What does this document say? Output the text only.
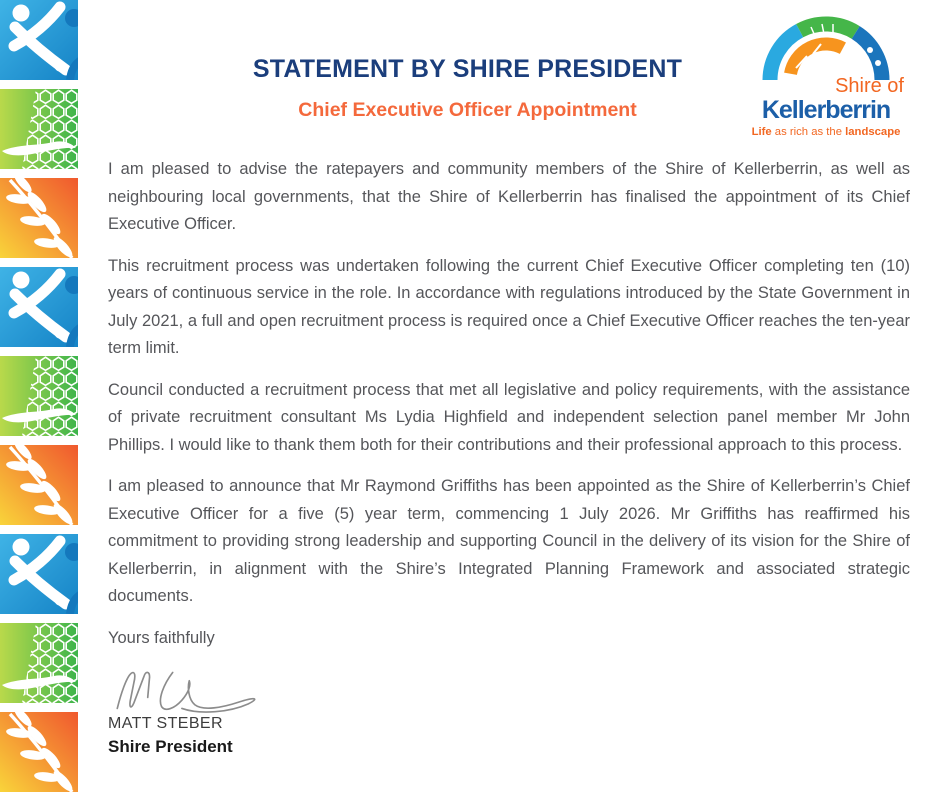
STATEMENT BY SHIRE PRESIDENT
Chief Executive Officer Appointment
Shire of
Kellerberrin
Life as rich as the landscape

I am pleased to advise the ratepayers and community members of the Shire of Kellerberrin, as well as neighbouring local governments, that the Shire of Kellerberrin has finalised the appointment of its Chief Executive Officer.

This recruitment process was undertaken following the current Chief Executive Officer completing ten (10) years of continuous service in the role. In accordance with regulations introduced by the State Government in July 2021, a full and open recruitment process is required once a Chief Executive Officer reaches the ten-year term limit.

Council conducted a recruitment process that met all legislative and policy requirements, with the assistance of private recruitment consultant Ms Lydia Highfield and independent selection panel member Mr John Phillips. I would like to thank them both for their contributions and their professional approach to this process.

I am pleased to announce that Mr Raymond Griffiths has been appointed as the Shire of Kellerberrin’s Chief Executive Officer for a five (5) year term, commencing 1 July 2026. Mr Griffiths has reaffirmed his commitment to providing strong leadership and supporting Council in the delivery of its vision for the Shire of Kellerberrin, in alignment with the Shire’s Integrated Planning Framework and associated strategic documents.

Yours faithfully

MATT STEBER
Shire President
